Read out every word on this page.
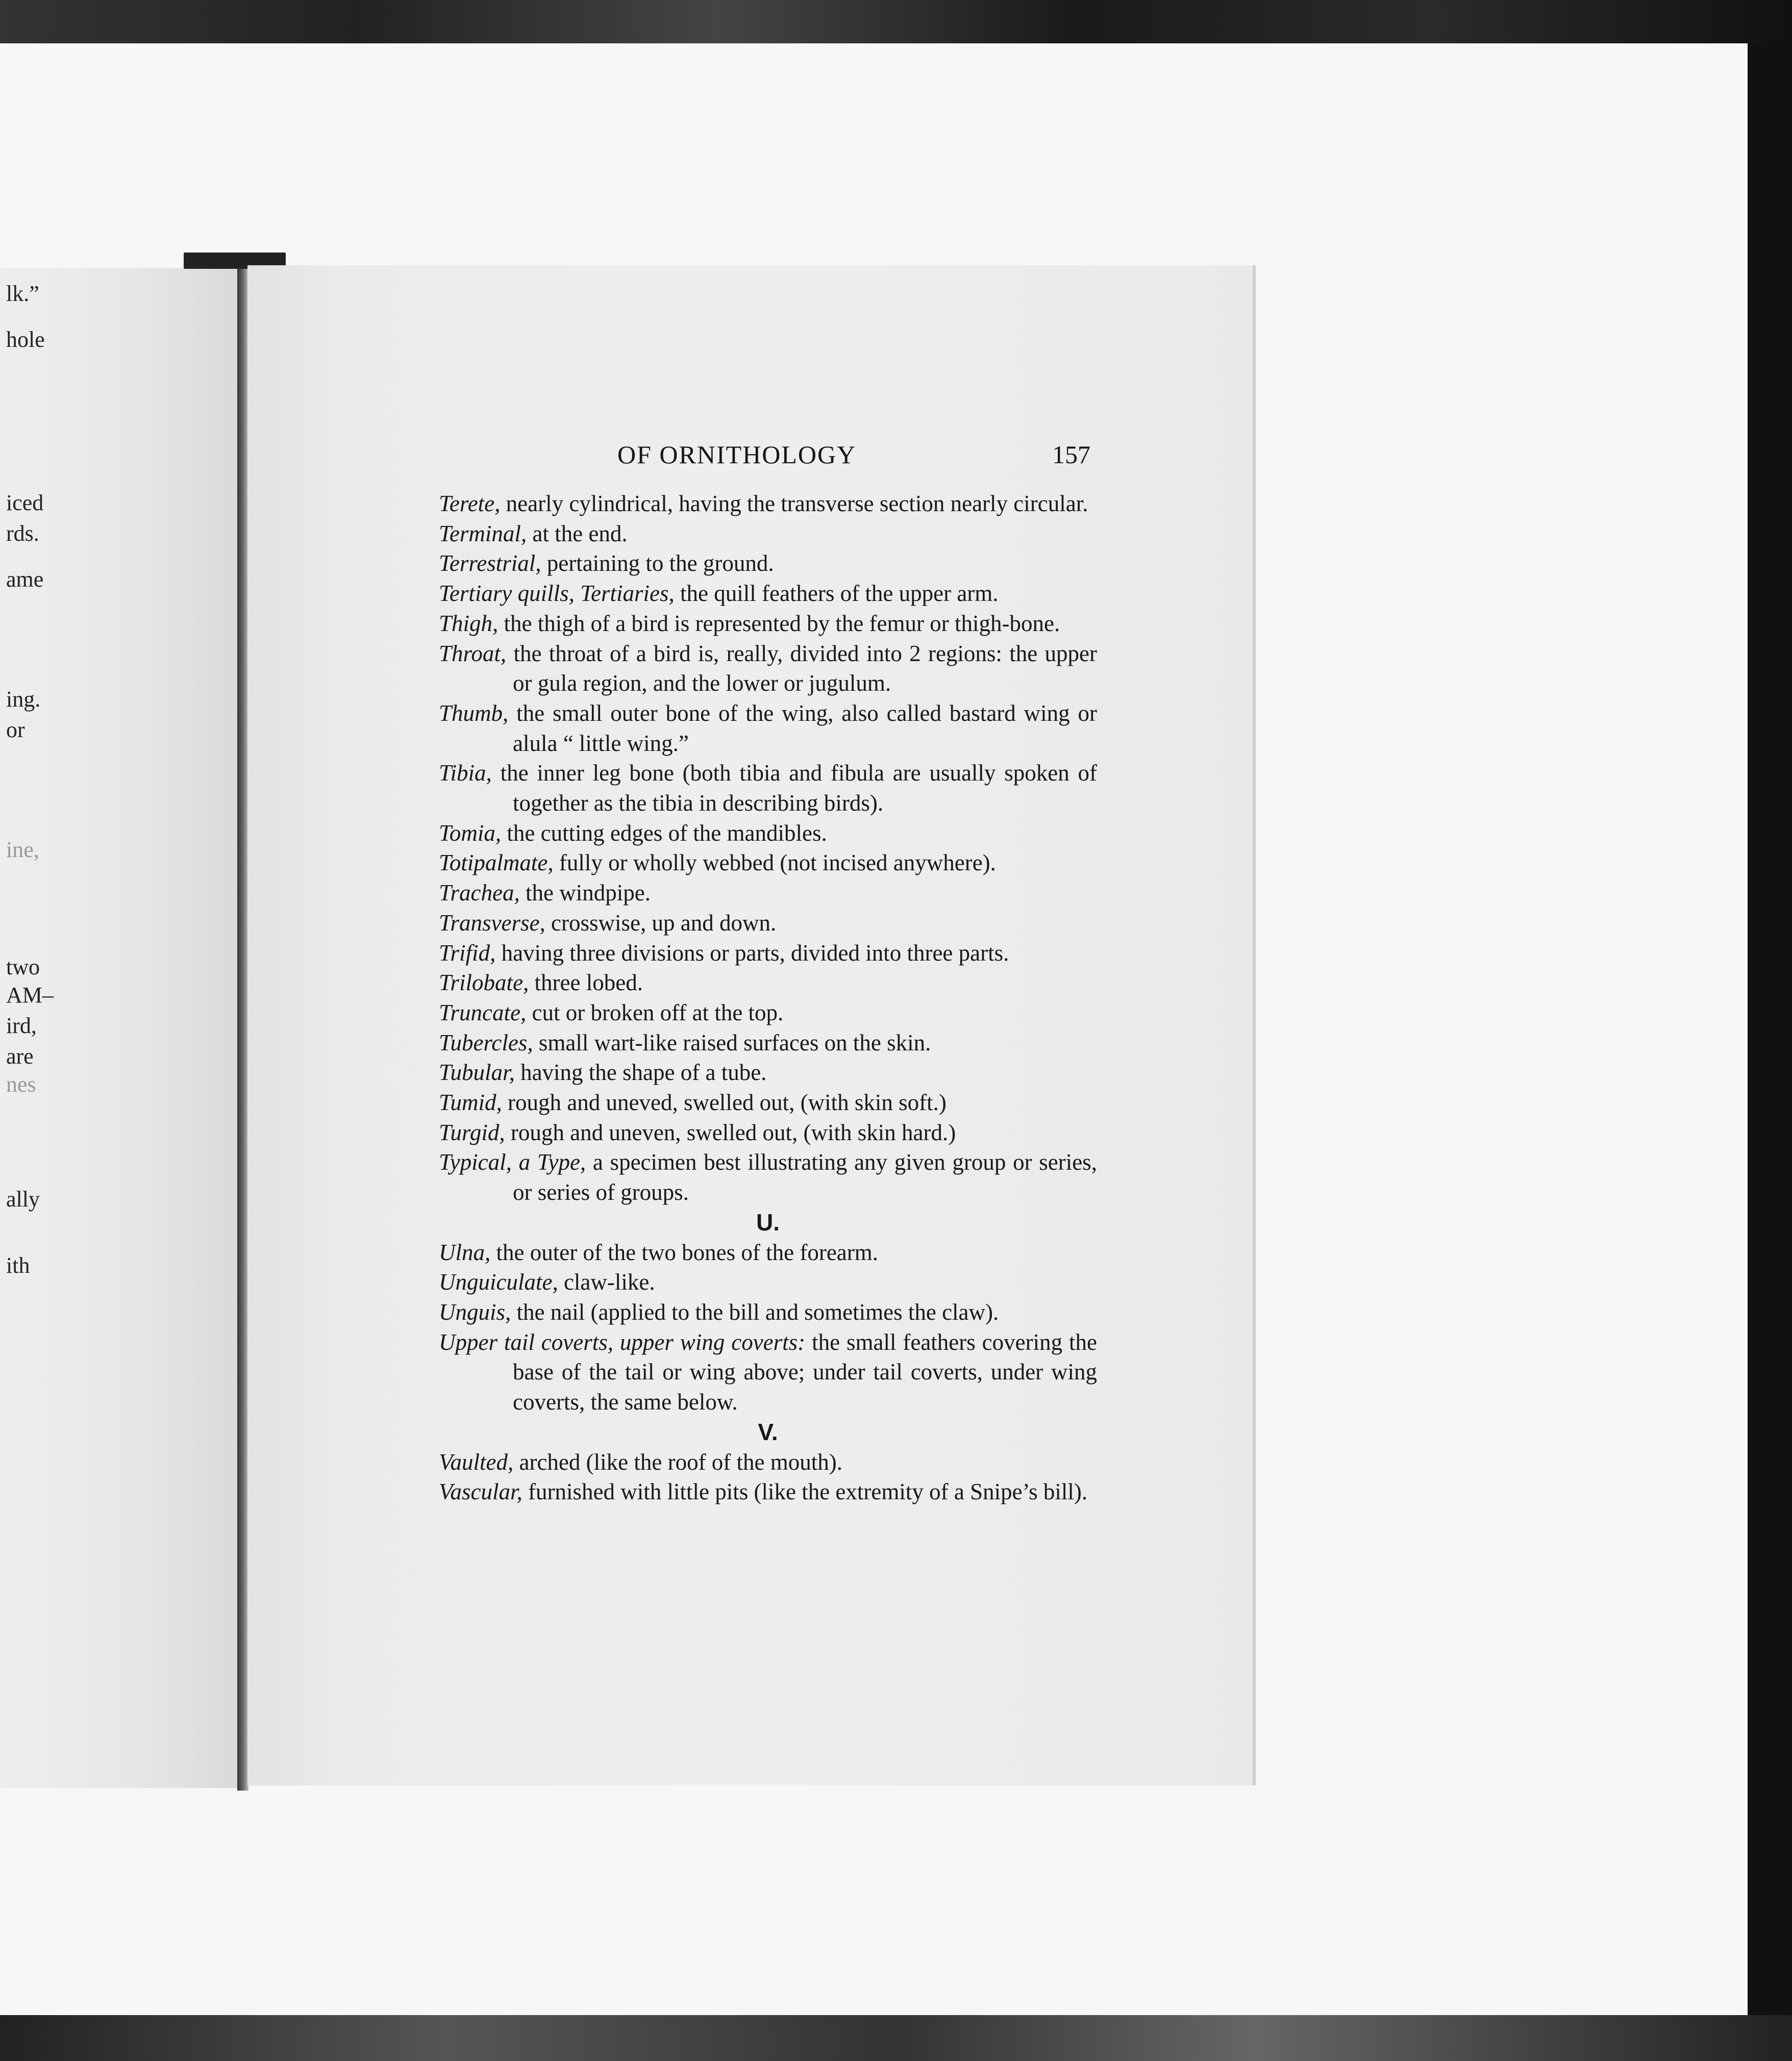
lk.”
hole
iced
rds.
ame
ing.
or
ine,
two
AM–
ird,
are
nes
ally
ith
OF ORNITHOLOGY	157
Terete, nearly cylindrical, having the transverse section nearly circular.
Terminal, at the end.
Terrestrial, pertaining to the ground.
Tertiary quills, Tertiaries, the quill feathers of the upper arm.
Thigh, the thigh of a bird is represented by the femur or thigh-bone.
Throat, the throat of a bird is, really, divided into 2 regions: the upper or gula region, and the lower or jugulum.
Thumb, the small outer bone of the wing, also called bastard wing or alula “ little wing.”
Tibia, the inner leg bone (both tibia and fibula are usually spoken of together as the tibia in describing birds).
Tomia, the cutting edges of the mandibles.
Totipalmate, fully or wholly webbed (not incised anywhere).
Trachea, the windpipe.
Transverse, crosswise, up and down.
Trifid, having three divisions or parts, divided into three parts.
Trilobate, three lobed.
Truncate, cut or broken off at the top.
Tubercles, small wart-like raised surfaces on the skin.
Tubular, having the shape of a tube.
Tumid, rough and uneved, swelled out, (with skin soft.)
Turgid, rough and uneven, swelled out, (with skin hard.)
Typical, a Type, a specimen best illustrating any given group or series, or series of groups.
U.
Ulna, the outer of the two bones of the forearm.
Unguiculate, claw-like.
Unguis, the nail (applied to the bill and sometimes the claw).
Upper tail coverts, upper wing coverts: the small feathers covering the base of the tail or wing above; under tail coverts, under wing coverts, the same below.
V.
Vaulted, arched (like the roof of the mouth).
Vascular, furnished with little pits (like the extremity of a Snipe’s bill).
